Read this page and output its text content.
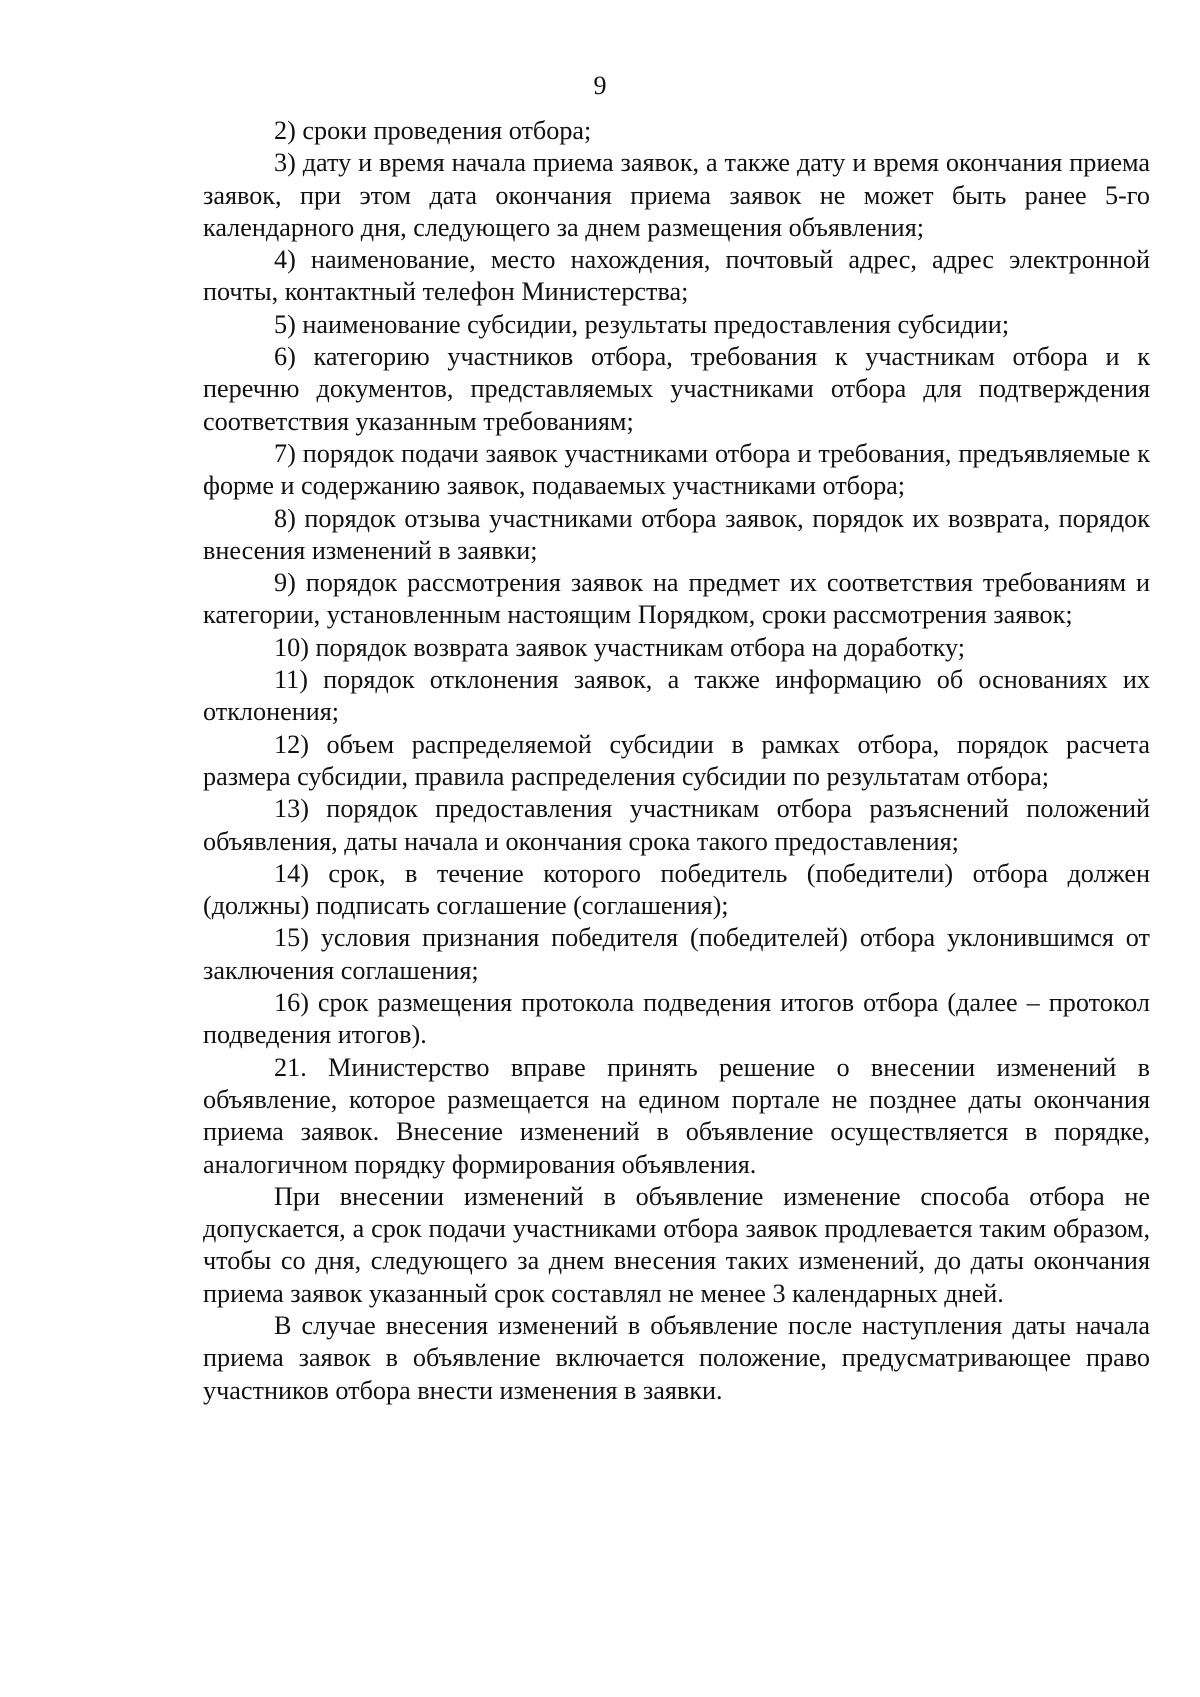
9

2) сроки проведения отбора;

3) дату и время начала приема заявок, а также дату и время окончания приема заявок, при этом дата окончания приема заявок не может быть ранее 5-го календарного дня, следующего за днем размещения объявления;

4) наименование, место нахождения, почтовый адрес, адрес электронной почты, контактный телефон Министерства;

5) наименование субсидии, результаты предоставления субсидии;

6) категорию участников отбора, требования к участникам отбора и к перечню документов, представляемых участниками отбора для подтверждения соответствия указанным требованиям;

7) порядок подачи заявок участниками отбора и требования, предъявляемые к форме и содержанию заявок, подаваемых участниками отбора;

8) порядок отзыва участниками отбора заявок, порядок их возврата, порядок внесения изменений в заявки;

9) порядок рассмотрения заявок на предмет их соответствия требованиям и категории, установленным настоящим Порядком, сроки рассмотрения заявок;

10) порядок возврата заявок участникам отбора на доработку;

11) порядок отклонения заявок, а также информацию об основаниях их отклонения;

12) объем распределяемой субсидии в рамках отбора, порядок расчета размера субсидии, правила распределения субсидии по результатам отбора;

13) порядок предоставления участникам отбора разъяснений положений объявления, даты начала и окончания срока такого предоставления;

14) срок, в течение которого победитель (победители) отбора должен (должны) подписать соглашение (соглашения);

15) условия признания победителя (победителей) отбора уклонившимся от заключения соглашения;

16) срок размещения протокола подведения итогов отбора (далее – протокол подведения итогов).

21. Министерство вправе принять решение о внесении изменений в объявление, которое размещается на едином портале не позднее даты окончания приема заявок. Внесение изменений в объявление осуществляется в порядке, аналогичном порядку формирования объявления.

При внесении изменений в объявление изменение способа отбора не допускается, а срок подачи участниками отбора заявок продлевается таким образом, чтобы со дня, следующего за днем внесения таких изменений, до даты окончания приема заявок указанный срок составлял не менее 3 календарных дней.

В случае внесения изменений в объявление после наступления даты начала приема заявок в объявление включается положение, предусматривающее право участников отбора внести изменения в заявки.
